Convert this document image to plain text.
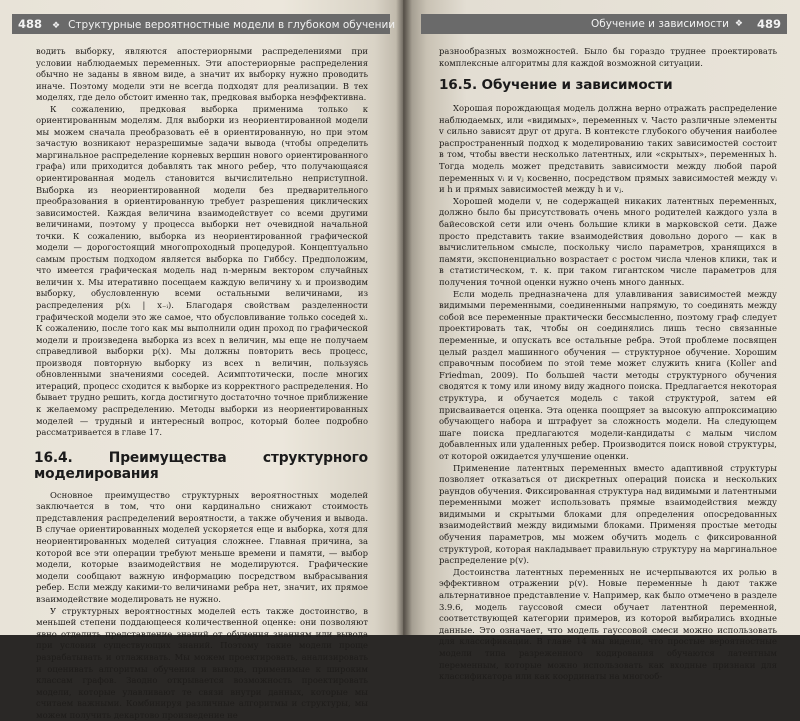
488 ❖ Структурные вероятностные модели в глубоком обучении

водить выборку, являются апостериорными распределениями при условии наблюдаемых переменных. Эти апостериорные распределения обычно не заданы в явном виде, а значит их выборку нужно проводить иначе. Поэтому модели эти не всегда подходят для реализации. В тех моделях, где дело обстоит именно так, предковая выборка неэффективна.

К сожалению, предковая выборка применима только к ориентированным моделям. Для выборки из неориентированной модели мы можем сначала преобразовать её в ориентированную, но при этом зачастую возникают неразрешимые задачи вывода (чтобы определить маргинальное распределение корневых вершин нового ориентированного графа) или приходится добавлять так много ребер, что получающаяся ориентированная модель становится вычислительно неприступной. Выборка из неориентированной модели без предварительного преобразования в ориентированную требует разрешения циклических зависимостей. Каждая величина взаимодействует со всеми другими величинами, поэтому у процесса выборки нет очевидной начальной точки. К сожалению, выборка из неориентированной графической модели — дорогостоящий многопроходный процедурой. Концептуально самым простым подходом является выборка по Гиббсу. Предположим, что имеется графическая модель над n-мерным вектором случайных величин x. Мы итеративно посещаем каждую величину xᵢ и производим выборку, обусловленную всеми остальными величинами, из распределения p(xᵢ | x₋ᵢ). Благодаря свойствам разделенности графической модели это же самое, что обусловливание только соседей xᵢ. К сожалению, после того как мы выполнили один проход по графической модели и произведена выборка из всех n величин, мы еще не получаем справедливой выборки p(x). Мы должны повторить весь процесс, производя повторную выборку из всех n величин, пользуясь обновленными значениями соседей. Асимптотически, после многих итераций, процесс сходится к выборке из корректного распределения. Но бывает трудно решить, когда достигнуто достаточно точное приближение к желаемому распределению. Методы выборки из неориентированных моделей — трудный и интересный вопрос, который более подробно рассматривается в главе 17.

16.4. Преимущества структурного моделирования

Основное преимущество структурных вероятностных моделей заключается в том, что они кардинально снижают стоимость представления распределений вероятности, а также обучения и вывода. В случае ориентированных моделей ускоряется еще и выборка, хотя для неориентированных моделей ситуация сложнее. Главная причина, за которой все эти операции требуют меньше времени и памяти, — выбор модели, которые взаимодействия не моделируются. Графические модели сообщают важную информацию посредством выбрасывания ребер. Если между какими-то величинами ребра нет, значит, их прямое взаимодействие моделировать не нужно.

У структурных вероятностных моделей есть также достоинство, в меньшей степени поддающееся количественной оценке: они позволяют явно отделить представление знаний от обучения знаниям или вывода при условии существующих знаний. Поэтому такие модели проще разрабатывать и отлаживать. Мы можем проектировать, анализировать и оценивать алгоритмы обучения и вывода, применимые к широким классам графов. Заодно открывается возможность проектировать модели, которые улавливают те связи внутри данных, которые мы считаем важными. Комбинируя различные алгоритмы и структуры, мы можем получить декартово произведение не

Обучение и зависимости ❖	489

разнообразных возможностей. Было бы гораздо труднее проектировать комплексные алгоритмы для каждой возможной ситуации.

16.5. Обучение и зависимости

Хорошая порождающая модель должна верно отражать распределение наблюдаемых, или «видимых», переменных v. Часто различные элементы v сильно зависят друг от друга. В контексте глубокого обучения наиболее распространенный подход к моделированию таких зависимостей состоит в том, чтобы ввести несколько латентных, или «скрытых», переменных h. Тогда модель может представить зависимости между любой парой переменных vᵢ и vⱼ косвенно, посредством прямых зависимостей между vᵢ и h и прямых зависимостей между h и vⱼ.

Хорошей модели v, не содержащей никаких латентных переменных, должно было бы присутствовать очень много родителей каждого узла в байесовской сети или очень большие клики в марковской сети. Даже просто представить такие взаимодействия довольно дорого — как в вычислительном смысле, поскольку число параметров, хранящихся в памяти, экспоненциально возрастает с ростом числа членов клики, так и в статистическом, т. к. при таком гигантском числе параметров для получения точной оценки нужно очень много данных.

Если модель предназначена для улавливания зависимостей между видимыми переменными, соединенными напрямую, то соединять между собой все переменные практически бессмысленно, поэтому граф следует проектировать так, чтобы он соединялись лишь тесно связанные переменные, и опускать все остальные ребра. Этой проблеме посвящен целый раздел машинного обучения — структурное обучение. Хорошим справочным пособием по этой теме может служить книга (Koller and Friedman, 2009). По большей части методы структурного обучения сводятся к тому или иному виду жадного поиска. Предлагается некоторая структура, и обучается модель с такой структурой, затем ей присваивается оценка. Эта оценка поощряет за высокую аппроксимацию обучающего набора и штрафует за сложность модели. На следующем шаге поиска предлагаются модели-кандидаты с малым числом добавленных или удаленных ребер. Производится поиск новой структуры, от которой ожидается улучшение оценки.

Применение латентных переменных вместо адаптивной структуры позволяет отказаться от дискретных операций поиска и нескольких раундов обучения. Фиксированная структура над видимыми и латентными переменными может использовать прямые взаимодействия между видимыми и скрытыми блоками для определения опосредованных взаимодействий между видимыми блоками. Применяя простые методы обучения параметров, мы можем обучить модель с фиксированной структурой, которая накладывает правильную структуру на маргинальное распределение p(v).

Достоинства латентных переменных не исчерпываются их ролью в эффективном отражении p(v). Новые переменные h дают также альтернативное представление v. Например, как было отмечено в разделе 3.9.6, модель гауссовой смеси обучает латентной переменной, соответствующей категории примеров, из которой выбирались входные данные. Это означает, что модель гауссовой смеси можно использовать для классификации. В главе 14 мы видели, что простые вероятностные модели типа разреженного кодирования обучаются латентным переменным, которые можно использовать как входные признаки для классификатора или как координаты на многооб-
